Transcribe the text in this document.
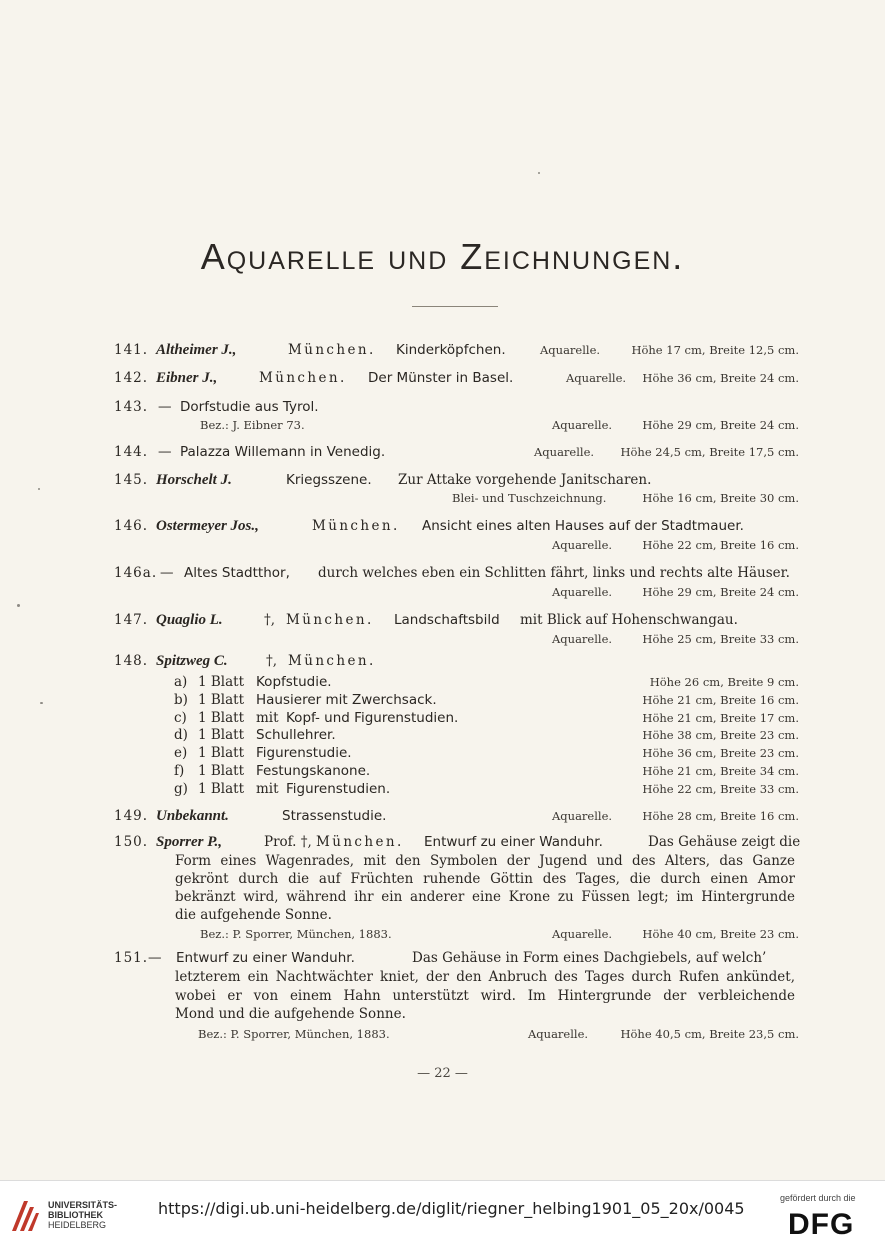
Aquarelle und Zeichnungen.
141. Altheimer J.,	München. Kinderköpfchen.	Aquarelle.	Höhe 17 cm, Breite 12,5 cm.
142. Eibner J.,	München. Der Münster in Basel.	Aquarelle. Höhe 36 cm, Breite 24 cm.
143. — Dorfstudie aus Tyrol.
Bez.: J. Eibner 73.	Aquarelle.	Höhe 29 cm, Breite 24 cm.
144. — Palazza Willemann in Venedig.	Aquarelle. Höhe 24,5 cm, Breite 17,5 cm.
145. Horschelt J.	Kriegsszene. Zur Attake vorgehende Janitscharen.
Blei- und Tuschzeichnung.	Höhe 16 cm, Breite 30 cm.
146. Ostermeyer Jos.,	München. Ansicht eines alten Hauses auf der Stadtmauer.
Aquarelle.	Höhe 22 cm, Breite 16 cm.
146a. — Altes Stadtthor, durch welches eben ein Schlitten fährt, links und rechts alte Häuser.
Aquarelle.	Höhe 29 cm, Breite 24 cm.
147. Quaglio L.	†, München. Landschaftsbild mit Blick auf Hohenschwangau.
Aquarelle.	Höhe 25 cm, Breite 33 cm.
148. Spitzweg C.	†, München.
a) 1 Blatt Kopfstudie.	Höhe 26 cm, Breite 9 cm.
b) 1 Blatt Hausierer mit Zwerchsack.	Höhe 21 cm, Breite 16 cm.
c) 1 Blatt mit Kopf- und Figurenstudien.	Höhe 21 cm, Breite 17 cm.
d) 1 Blatt Schullehrer.	Höhe 38 cm, Breite 23 cm.
e) 1 Blatt Figurenstudie.	Höhe 36 cm, Breite 23 cm.
f) 1 Blatt Festungskanone.	Höhe 21 cm, Breite 34 cm.
g) 1 Blatt mit Figurenstudien.	Höhe 22 cm, Breite 33 cm.
149. Unbekannt.	Strassenstudie.	Aquarelle.	Höhe 28 cm, Breite 16 cm.
150. Sporrer P.,	Prof. †, München. Entwurf zu einer Wanduhr.	Das Gehäuse zeigt die
Form eines Wagenrades, mit den Symbolen der Jugend und des Alters, das Ganze
gekrönt durch die auf Früchten ruhende Göttin des Tages, die durch einen Amor
bekränzt wird, während ihr ein anderer eine Krone zu Füssen legt; im Hintergrunde
die aufgehende Sonne.
Bez.: P. Sporrer, München, 1883.	Aquarelle.	Höhe 40 cm, Breite 23 cm.
151. — Entwurf zu einer Wanduhr.	Das Gehäuse in Form eines Dachgiebels, auf welch’
letzterem ein Nachtwächter kniet, der den Anbruch des Tages durch Rufen ankündet,
wobei er von einem Hahn unterstützt wird. Im Hintergrunde der verbleichende
Mond und die aufgehende Sonne.
Bez.: P. Sporrer, München, 1883.	Aquarelle.	Höhe 40,5 cm, Breite 23,5 cm.
— 22 —
UNIVERSITÄTS-
BIBLIOTHEK
HEIDELBERG
https://digi.ub.uni-heidelberg.de/diglit/riegner_helbing1901_05_20x/0045
gefördert durch die
DFG
